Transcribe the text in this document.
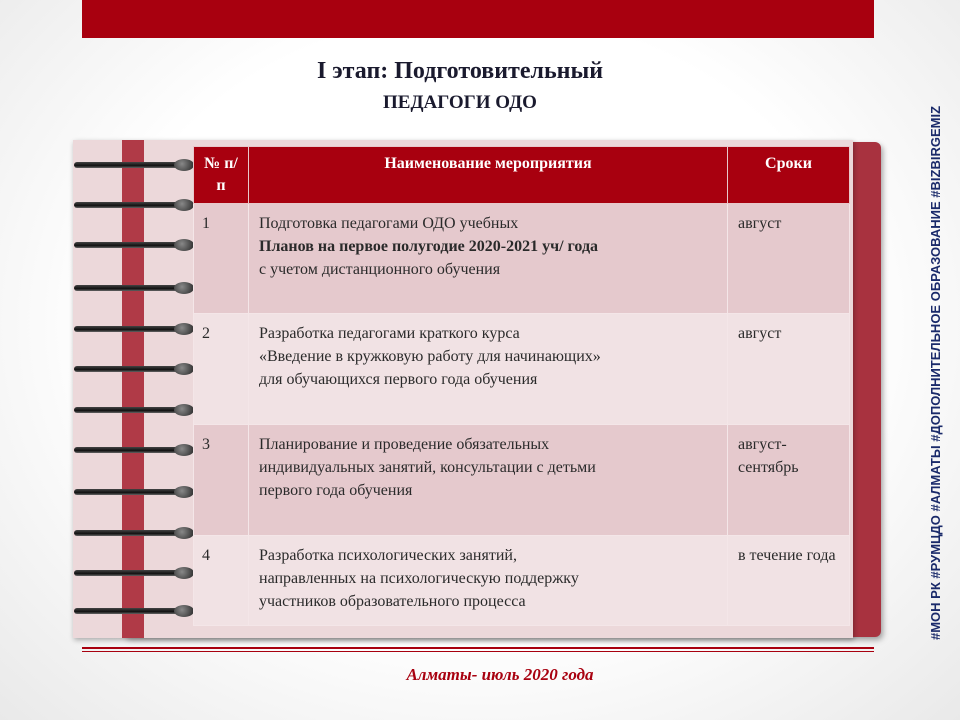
I этап: Подготовительный
ПЕДАГОГИ ОДО
№ п/п	Наименование мероприятия	Сроки
1	Подготовка педагогами ОДО учебных
Планов на первое полугодие 2020-2021 уч/ года
с учетом дистанционного обучения	август
2	Разработка педагогами краткого курса
«Введение в кружковую работу для начинающих»
для обучающихся первого года обучения	август
3	Планирование и проведение обязательных
индивидуальных занятий, консультации с детьми
первого года обучения	август-сентябрь
4	Разработка психологических занятий,
направленных на психологическую поддержку
участников образовательного процесса	в течение года
Алматы- июль 2020 года
#МОН РК #РУМЦДО #АЛМАТЫ #ДОПОЛНИТЕЛЬНОЕ ОБРАЗОВАНИЕ #BIZBIRGEMIZ
